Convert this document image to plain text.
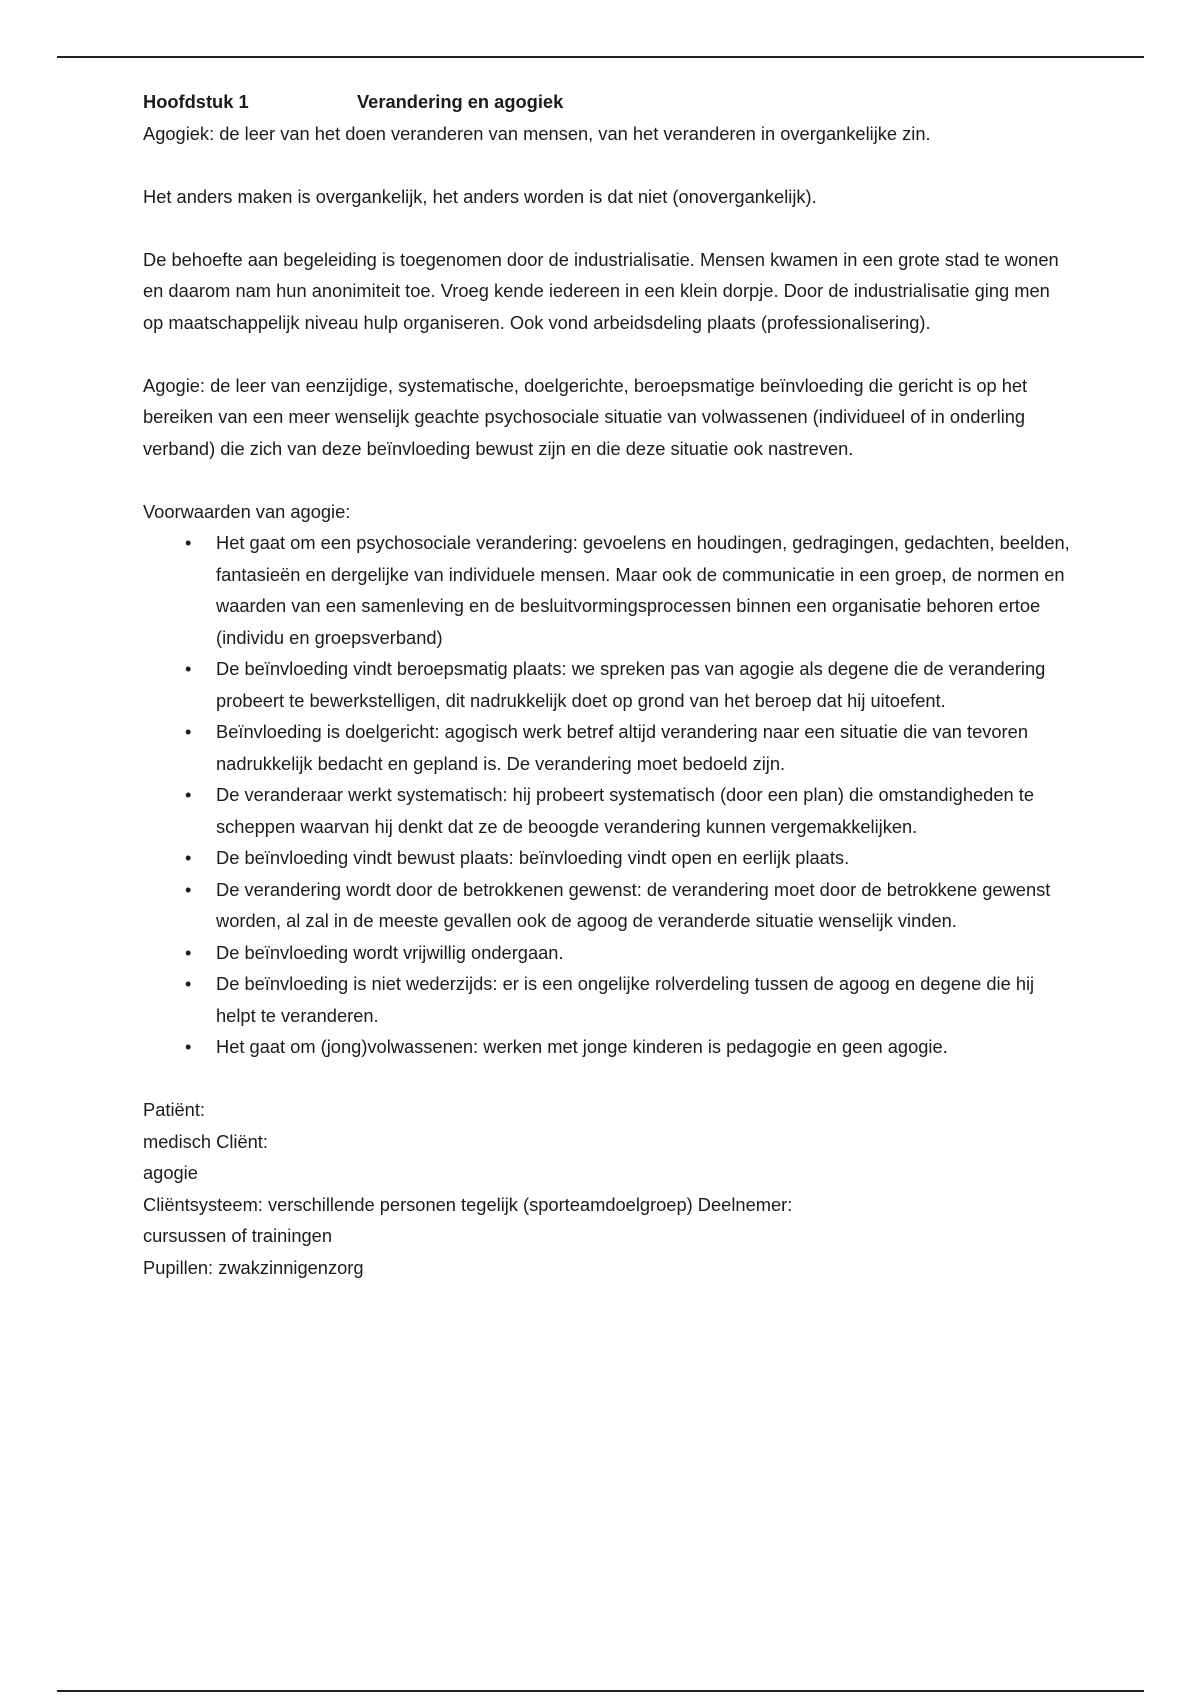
Hoofdstuk 1	Verandering en agogiek

Agogiek: de leer van het doen veranderen van mensen, van het veranderen in overgankelijke zin.

Het anders maken is overgankelijk, het anders worden is dat niet (onovergankelijk).

De behoefte aan begeleiding is toegenomen door de industrialisatie. Mensen kwamen in een grote stad te wonen en daarom nam hun anonimiteit toe. Vroeg kende iedereen in een klein dorpje. Door de industrialisatie ging men op maatschappelijk niveau hulp organiseren. Ook vond arbeidsdeling plaats (professionalisering).

Agogie: de leer van eenzijdige, systematische, doelgerichte, beroepsmatige beïnvloeding die gericht is op het bereiken van een meer wenselijk geachte psychosociale situatie van volwassenen (individueel of in onderling verband) die zich van deze beïnvloeding bewust zijn en die deze situatie ook nastreven.

Voorwaarden van agogie:

• Het gaat om een psychosociale verandering: gevoelens en houdingen, gedragingen, gedachten, beelden, fantasieën en dergelijke van individuele mensen. Maar ook de communicatie in een groep, de normen en waarden van een samenleving en de besluitvormingsprocessen binnen een organisatie behoren ertoe (individu en groepsverband)
• De beïnvloeding vindt beroepsmatig plaats: we spreken pas van agogie als degene die de verandering probeert te bewerkstelligen, dit nadrukkelijk doet op grond van het beroep dat hij uitoefent.
• Beïnvloeding is doelgericht: agogisch werk betref altijd verandering naar een situatie die van tevoren nadrukkelijk bedacht en gepland is. De verandering moet bedoeld zijn.
• De veranderaar werkt systematisch: hij probeert systematisch (door een plan) die omstandigheden te scheppen waarvan hij denkt dat ze de beoogde verandering kunnen vergemakkelijken.
• De beïnvloeding vindt bewust plaats: beïnvloeding vindt open en eerlijk plaats.
• De verandering wordt door de betrokkenen gewenst: de verandering moet door de betrokkene gewenst worden, al zal in de meeste gevallen ook de agoog de veranderde situatie wenselijk vinden.
• De beïnvloeding wordt vrijwillig ondergaan.
• De beïnvloeding is niet wederzijds: er is een ongelijke rolverdeling tussen de agoog en degene die hij helpt te veranderen.
• Het gaat om (jong)volwassenen: werken met jonge kinderen is pedagogie en geen agogie.

Patiënt:

medisch Cliënt:

agogie

Cliëntsysteem: verschillende personen tegelijk (sporteamdoelgroep) Deelnemer:

cursussen of trainingen

Pupillen: zwakzinnigenzorg
